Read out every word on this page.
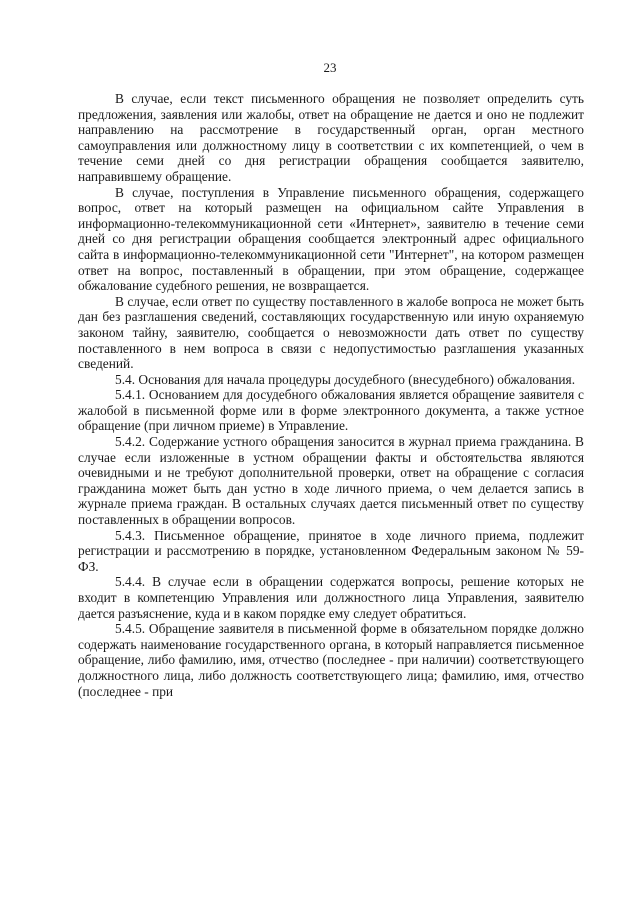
23

В случае, если текст письменного обращения не позволяет определить суть предложения, заявления или жалобы, ответ на обращение не дается и оно не подлежит направлению на рассмотрение в государственный орган, орган местного самоуправления или должностному лицу в соответствии с их компетенцией, о чем в течение семи дней со дня регистрации обращения сообщается заявителю, направившему обращение.

В случае, поступления в Управление письменного обращения, содержащего вопрос, ответ на который размещен на официальном сайте Управления в информационно-телекоммуникационной сети «Интернет», заявителю в течение семи дней со дня регистрации обращения сообщается электронный адрес официального сайта в информационно-телекоммуникационной сети "Интернет", на котором размещен ответ на вопрос, поставленный в обращении, при этом обращение, содержащее обжалование судебного решения, не возвращается.

В случае, если ответ по существу поставленного в жалобе вопроса не может быть дан без разглашения сведений, составляющих государственную или иную охраняемую законом тайну, заявителю, сообщается о невозможности дать ответ по существу поставленного в нем вопроса в связи с недопустимостью разглашения указанных сведений.

5.4. Основания для начала процедуры досудебного (внесудебного) обжалования.

5.4.1. Основанием для досудебного обжалования является обращение заявителя с жалобой в письменной форме или в форме электронного документа, а также устное обращение (при личном приеме) в Управление.

5.4.2. Содержание устного обращения заносится в журнал приема гражданина. В случае если изложенные в устном обращении факты и обстоятельства являются очевидными и не требуют дополнительной проверки, ответ на обращение с согласия гражданина может быть дан устно в ходе личного приема, о чем делается запись в журнале приема граждан. В остальных случаях дается письменный ответ по существу поставленных в обращении вопросов.

5.4.3. Письменное обращение, принятое в ходе личного приема, подлежит регистрации и рассмотрению в порядке, установленном Федеральным законом № 59-ФЗ.

5.4.4. В случае если в обращении содержатся вопросы, решение которых не входит в компетенцию Управления или должностного лица Управления, заявителю дается разъяснение, куда и в каком порядке ему следует обратиться.

5.4.5. Обращение заявителя в письменной форме в обязательном порядке должно содержать наименование государственного органа, в который направляется письменное обращение, либо фамилию, имя, отчество (последнее - при наличии) соответствующего должностного лица, либо должность соответствующего лица; фамилию, имя, отчество (последнее - при
